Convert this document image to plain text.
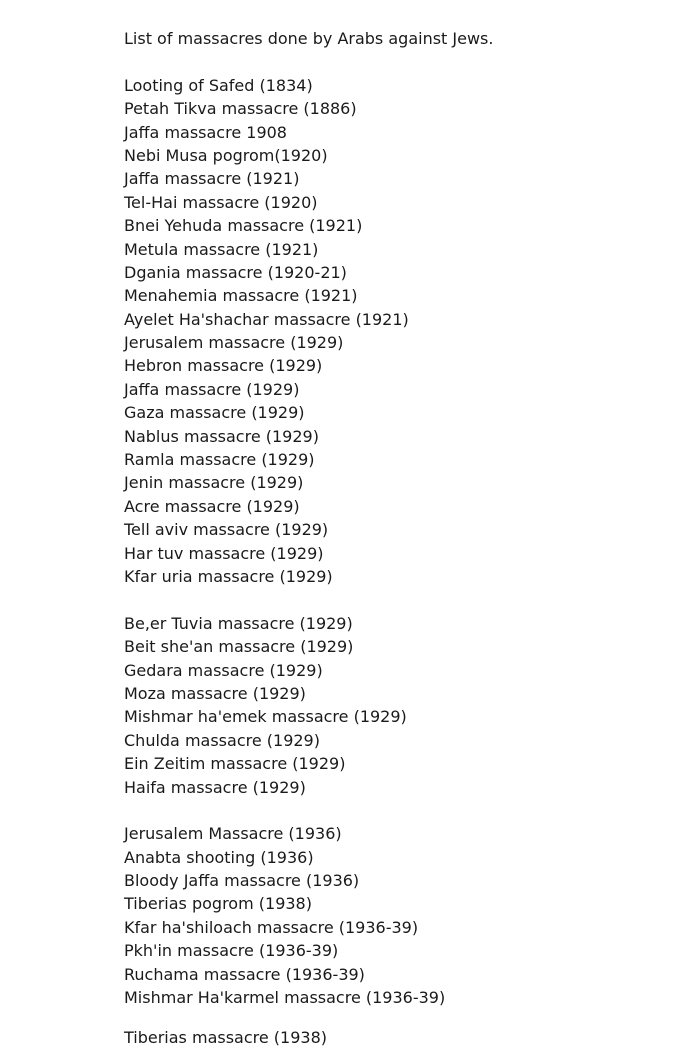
List of massacres done by Arabs against Jews.
Looting of Safed (1834)
Petah Tikva massacre (1886)
Jaffa massacre 1908
Nebi Musa pogrom(1920)
Jaffa massacre (1921)
Tel-Hai massacre (1920)
Bnei Yehuda massacre (1921)
Metula massacre (1921)
Dgania massacre (1920-21)
Menahemia massacre (1921)
Ayelet Ha'shachar massacre (1921)
Jerusalem massacre (1929)
Hebron massacre (1929)
Jaffa massacre (1929)
Gaza massacre (1929)
Nablus massacre (1929)
Ramla massacre (1929)
Jenin massacre (1929)
Acre massacre (1929)
Tell aviv massacre (1929)
Har tuv massacre (1929)
Kfar uria massacre (1929)
Be,er Tuvia massacre (1929)
Beit she'an massacre (1929)
Gedara massacre (1929)
Moza massacre (1929)
Mishmar ha'emek massacre (1929)
Chulda massacre (1929)
Ein Zeitim massacre (1929)
Haifa massacre (1929)
Jerusalem Massacre (1936)
Anabta shooting (1936)
Bloody Jaffa massacre (1936)
Tiberias pogrom (1938)
Kfar ha'shiloach massacre (1936-39)
Pkh'in massacre (1936-39)
Ruchama massacre (1936-39)
Mishmar Ha'karmel massacre (1936-39)
Tiberias massacre (1938)
